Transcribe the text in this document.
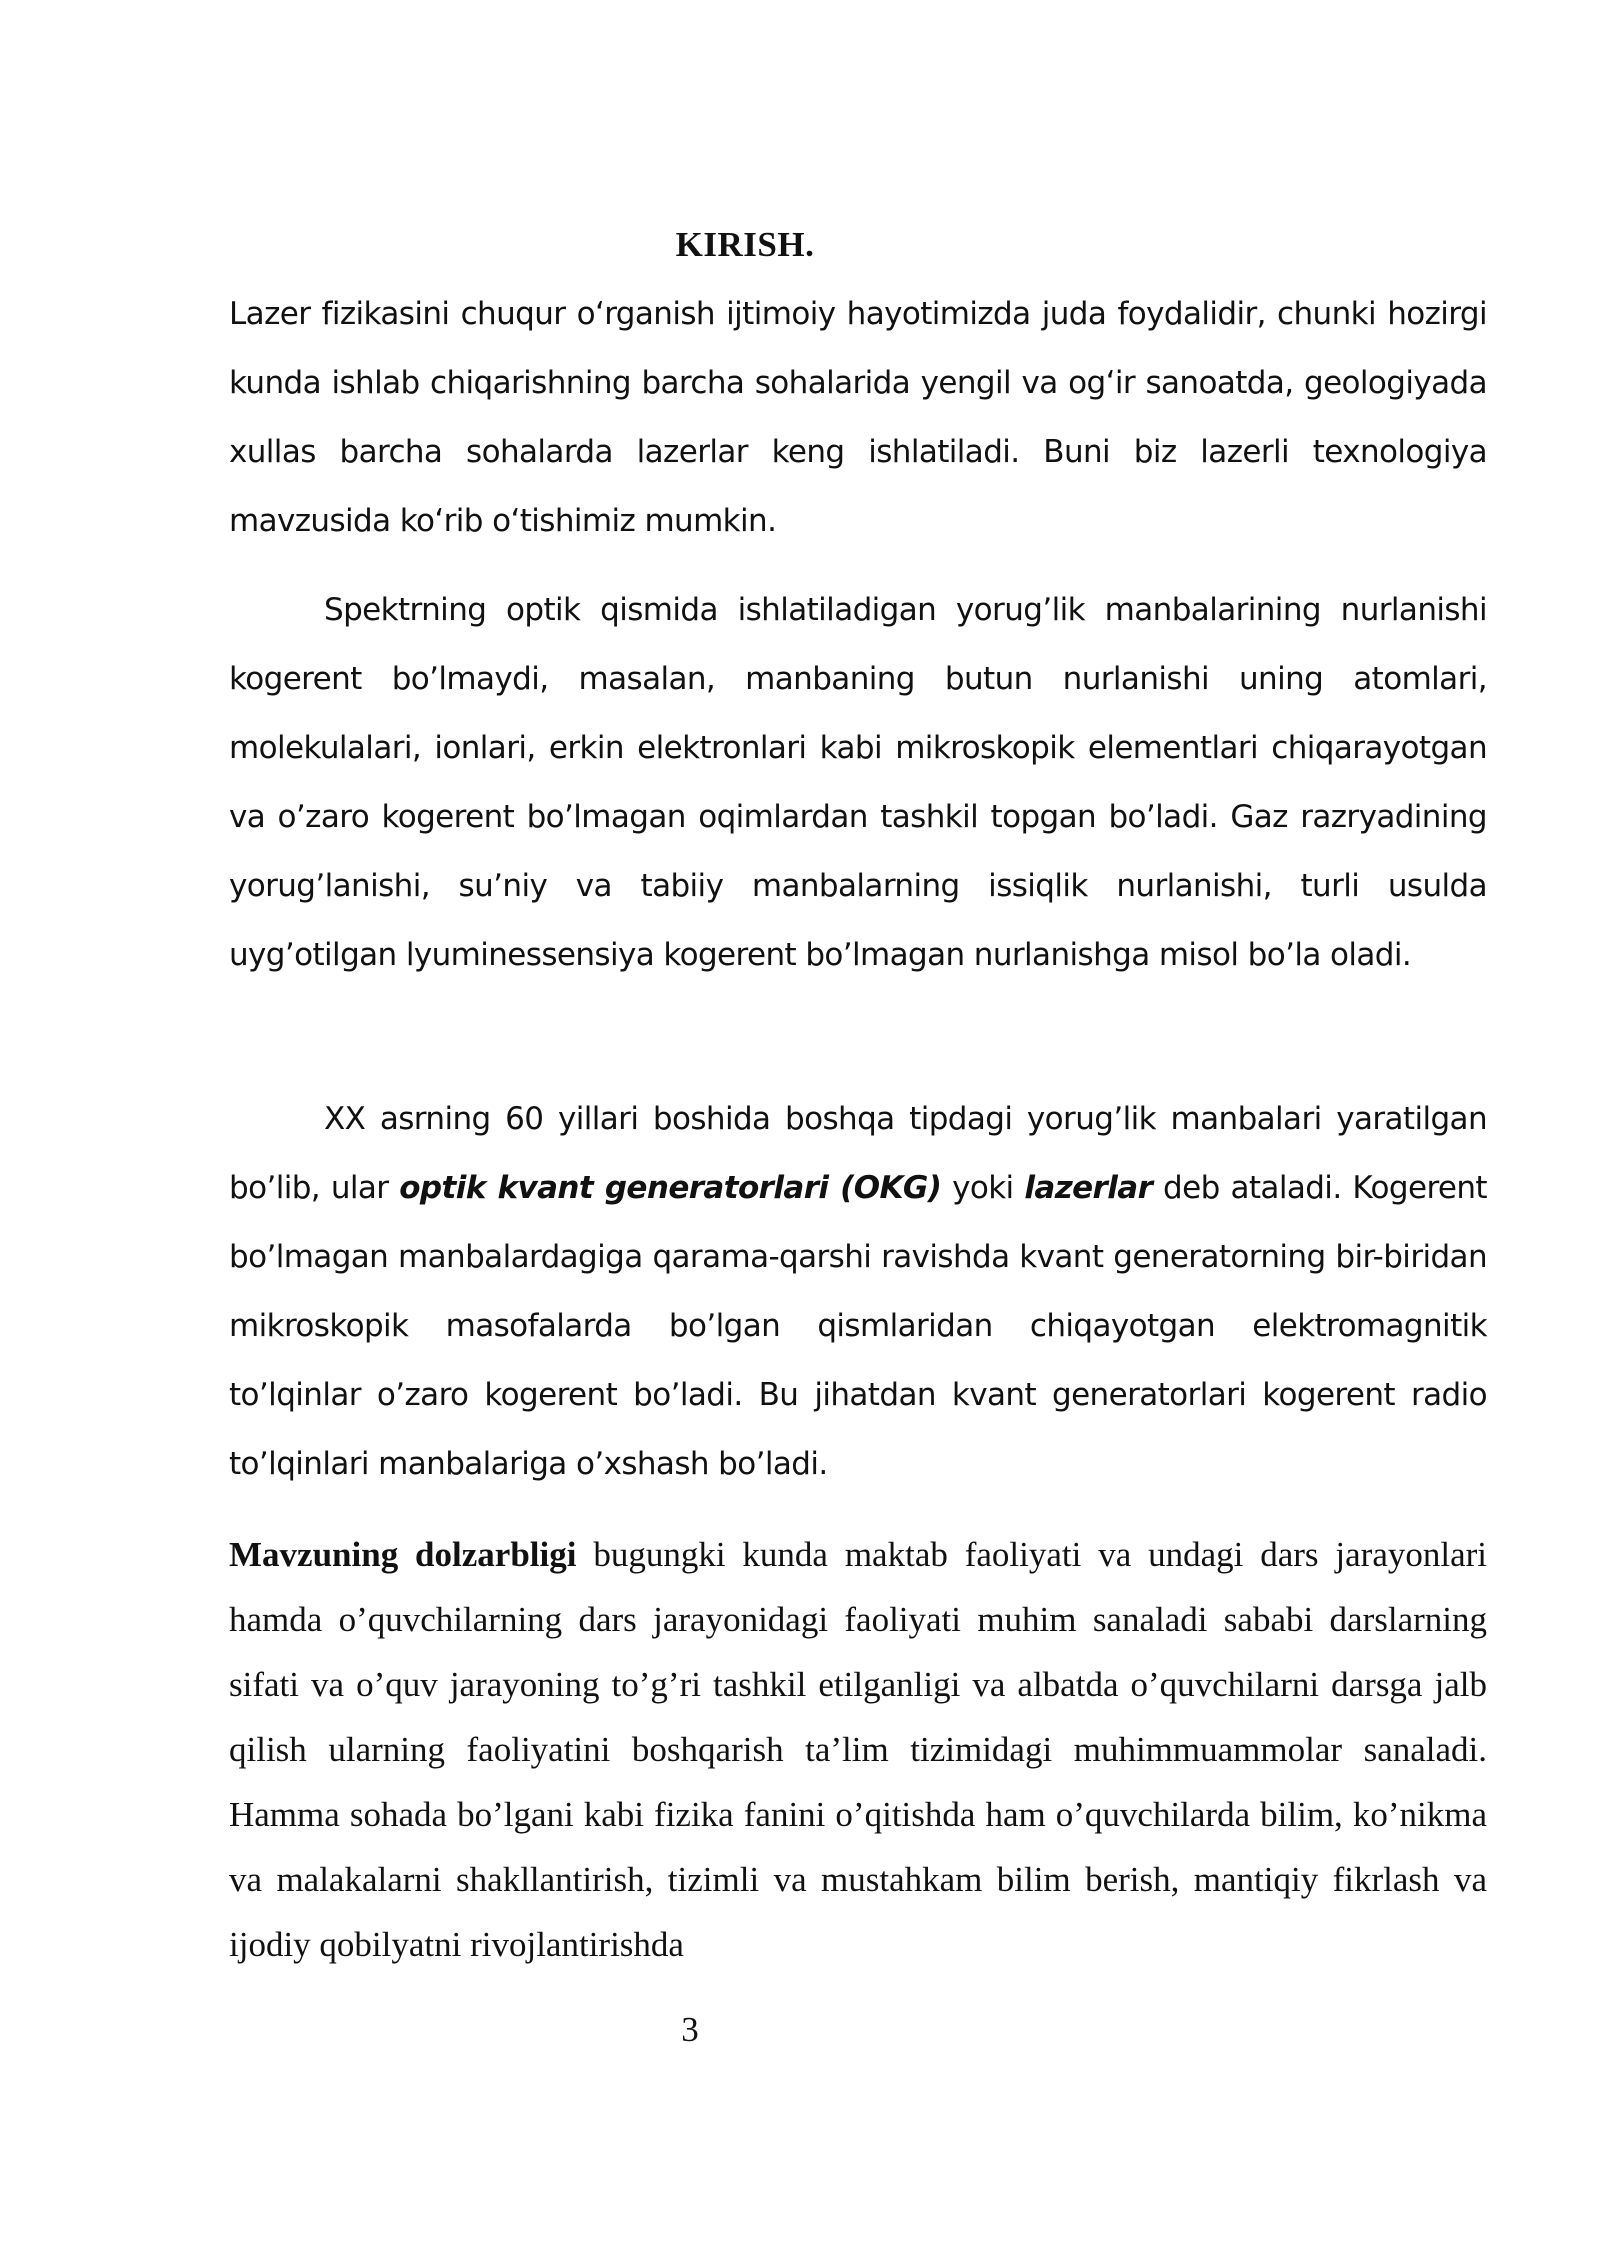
KIRISH.

Lazer fizikasini chuqur o‘rganish ijtimoiy hayotimizda juda foydalidir, chunki hozirgi kunda ishlab chiqarishning barcha sohalarida yengil va og‘ir sanoatda, geologiyada xullas barcha sohalarda lazerlar keng ishlatiladi. Buni biz lazerli texnologiya mavzusida ko‘rib o‘tishimiz mumkin.

Spektrning optik qismida ishlatiladigan yorug’lik manbalarining nurlanishi kogerent bo’lmaydi, masalan, manbaning butun nurlanishi uning atomlari, molekulalari, ionlari, erkin elektronlari kabi mikroskopik elementlari chiqarayotgan va o’zaro kogerent bo’lmagan oqimlardan tashkil topgan bo’ladi. Gaz razryadining yorug’lanishi, su’niy va tabiiy manbalarning issiqlik nurlanishi, turli usulda uyg’otilgan lyuminessensiya kogerent bo’lmagan nurlanishga misol bo’la oladi.

XX asrning 60 yillari boshida boshqa tipdagi yorug’lik manbalari yaratilgan bo’lib, ular optik kvant generatorlari (OKG) yoki lazerlar deb ataladi. Kogerent bo’lmagan manbalardagiga qarama-qarshi ravishda kvant generatorning bir-biridan mikroskopik masofalarda bo’lgan qismlaridan chiqayotgan elektromagnitik to’lqinlar o’zaro kogerent bo’ladi. Bu jihatdan kvant generatorlari kogerent radio to’lqinlari manbalariga o’xshash bo’ladi.

Mavzuning dolzarbligi bugungki kunda maktab faoliyati va undagi dars jarayonlari hamda o’quvchilarning dars jarayonidagi faoliyati muhim sanaladi sababi darslarning sifati va o’quv jarayoning to’g’ri tashkil etilganligi va albatda o’quvchilarni darsga jalb qilish ularning faoliyatini boshqarish ta’lim tizimidagi muhimmuammolar sanaladi. Hamma sohada bo’lgani kabi fizika fanini o’qitishda ham o’quvchilarda bilim, ko’nikma va malakalarni shakllantirish, tizimli va mustahkam bilim berish, mantiqiy fikrlash va ijodiy qobilyatni rivojlantirishda

3
